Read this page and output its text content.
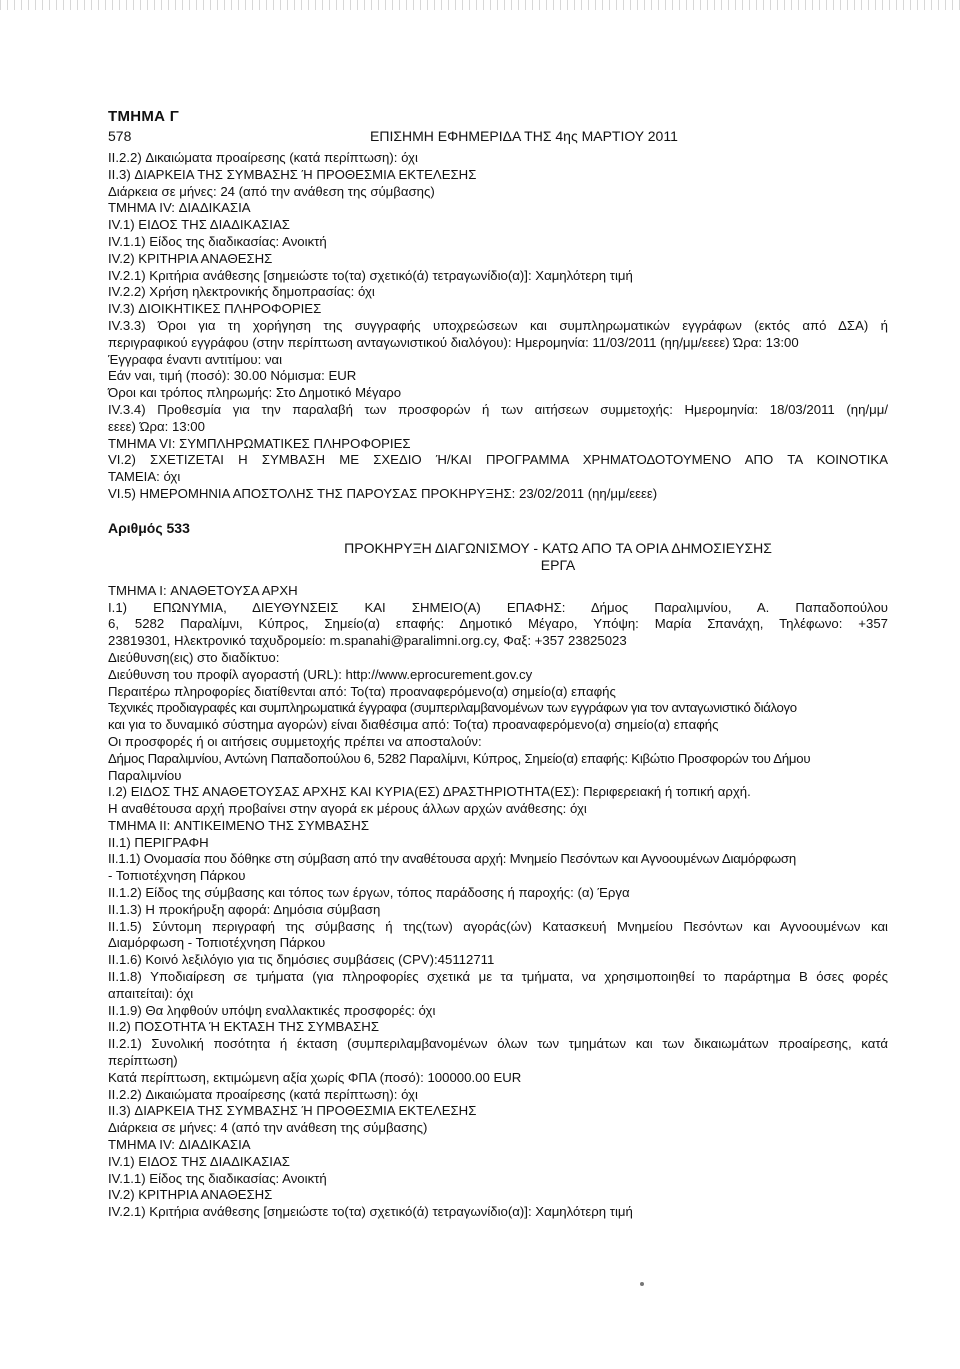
ΤΜΗΜΑ Γ
578	ΕΠΙΣΗΜΗ ΕΦΗΜΕΡΙΔΑ ΤΗΣ 4ης ΜΑΡΤΙΟΥ 2011
II.2.2) Δικαιώματα προαίρεσης (κατά περίπτωση): όχι
II.3) ΔΙΑΡΚΕΙΑ ΤΗΣ ΣΥΜΒΑΣΗΣ Ή ΠΡΟΘΕΣΜΙΑ ΕΚΤΕΛΕΣΗΣ
Διάρκεια σε μήνες: 24 (από την ανάθεση της σύμβασης)
ΤΜΗΜΑ IV: ΔΙΑΔΙΚΑΣΙΑ
IV.1) ΕΙΔΟΣ ΤΗΣ ΔΙΑΔΙΚΑΣΙΑΣ
IV.1.1) Είδος της διαδικασίας: Ανοικτή
IV.2) ΚΡΙΤΗΡΙΑ ΑΝΑΘΕΣΗΣ
IV.2.1) Κριτήρια ανάθεσης [σημειώστε το(τα) σχετικό(ά) τετραγωνίδιο(α)]: Χαμηλότερη τιμή
IV.2.2) Χρήση ηλεκτρονικής δημοπρασίας: όχι
IV.3) ΔΙΟΙΚΗΤΙΚΕΣ ΠΛΗΡΟΦΟΡΙΕΣ
IV.3.3) Όροι για τη χορήγηση της συγγραφής υποχρεώσεων και συμπληρωματικών εγγράφων (εκτός από ΔΣΑ) ή
περιγραφικού εγγράφου (στην περίπτωση ανταγωνιστικού διαλόγου): Ημερομηνία: 11/03/2011 (ηη/μμ/εεεε) Ώρα: 13:00
Έγγραφα έναντι αντιτίμου: ναι
Εάν ναι, τιμή (ποσό): 30.00 Νόμισμα: EUR
Όροι και τρόπος πληρωμής: Στο Δημοτικό Μέγαρο
IV.3.4) Προθεσμία για την παραλαβή των προσφορών ή των αιτήσεων συμμετοχής: Ημερομηνία: 18/03/2011 (ηη/μμ/
εεεε) Ώρα: 13:00
ΤΜΗΜΑ VI: ΣΥΜΠΛΗΡΩΜΑΤΙΚΕΣ ΠΛΗΡΟΦΟΡΙΕΣ
VI.2) ΣΧΕΤΙΖΕΤΑΙ Η ΣΥΜΒΑΣΗ ΜΕ ΣΧΕΔΙΟ Ή/ΚΑΙ ΠΡΟΓΡΑΜΜΑ ΧΡΗΜΑΤΟΔΟΤΟΥΜΕΝΟ ΑΠΟ ΤΑ ΚΟΙΝΟΤΙΚΑ
ΤΑΜΕΙΑ: όχι
VI.5) ΗΜΕΡΟΜΗΝΙΑ ΑΠΟΣΤΟΛΗΣ ΤΗΣ ΠΑΡΟΥΣΑΣ ΠΡΟΚΗΡΥΞΗΣ: 23/02/2011 (ηη/μμ/εεεε)
Αριθμός 533
ΠΡΟΚΗΡΥΞΗ ΔΙΑΓΩΝΙΣΜΟΥ - ΚΑΤΩ ΑΠΟ ΤΑ ΟΡΙΑ ΔΗΜΟΣΙΕΥΣΗΣ
ΕΡΓΑ
ΤΜΗΜΑ I: ΑΝΑΘΕΤΟΥΣΑ ΑΡΧΗ
I.1) ΕΠΩΝΥΜΙΑ, ΔΙΕΥΘΥΝΣΕΙΣ ΚΑΙ ΣΗΜΕΙΟ(Α) ΕΠΑΦΗΣ: Δήμος Παραλιμνίου, Α. Παπαδοπούλου
6, 5282 Παραλίμνι, Κύπρος, Σημείο(α) επαφής: Δημοτικό Μέγαρο, Υπόψη: Μαρία Σπανάχη, Τηλέφωνο: +357
23819301, Ηλεκτρονικό ταχυδρομείο: m.spanahi@paralimni.org.cy, Φαξ: +357 23825023
Διεύθυνση(εις) στο διαδίκτυο:
Διεύθυνση του προφίλ αγοραστή (URL): http://www.eprocurement.gov.cy
Περαιτέρω πληροφορίες διατίθενται από: Το(τα) προαναφερόμενο(α) σημείο(α) επαφής
Τεχνικές προδιαγραφές και συμπληρωματικά έγγραφα (συμπεριλαμβανομένων των εγγράφων για τον ανταγωνιστικό διάλογο
και για το δυναμικό σύστημα αγορών) είναι διαθέσιμα από: Το(τα) προαναφερόμενο(α) σημείο(α) επαφής
Οι προσφορές ή οι αιτήσεις συμμετοχής πρέπει να αποσταλούν:
Δήμος Παραλιμνίου, Αντώνη Παπαδοπούλου 6, 5282 Παραλίμνι, Κύπρος, Σημείο(α) επαφής: Κιβώτιο Προσφορών του Δήμου
Παραλιμνίου
I.2) ΕΙΔΟΣ ΤΗΣ ΑΝΑΘΕΤΟΥΣΑΣ ΑΡΧΗΣ ΚΑΙ ΚΥΡΙΑ(ΕΣ) ΔΡΑΣΤΗΡΙΟΤΗΤΑ(ΕΣ): Περιφερειακή ή τοπική αρχή.
Η αναθέτουσα αρχή προβαίνει στην αγορά εκ μέρους άλλων αρχών ανάθεσης: όχι
ΤΜΗΜΑ II: ΑΝΤΙΚΕΙΜΕΝΟ ΤΗΣ ΣΥΜΒΑΣΗΣ
II.1) ΠΕΡΙΓΡΑΦΗ
II.1.1) Ονομασία που δόθηκε στη σύμβαση από την αναθέτουσα αρχή: Μνημείο Πεσόντων και Αγνοουμένων Διαμόρφωση
- Τοπιοτέχνηση Πάρκου
II.1.2) Είδος της σύμβασης και τόπος των έργων, τόπος παράδοσης ή παροχής: (α) Έργα
II.1.3) Η προκήρυξη αφορά: Δημόσια σύμβαση
II.1.5) Σύντομη περιγραφή της σύμβασης ή της(των) αγοράς(ών) Κατασκευή Μνημείου Πεσόντων και Αγνοουμένων και
Διαμόρφωση - Τοπιοτέχνηση Πάρκου
II.1.6) Κοινό λεξιλόγιο για τις δημόσιες συμβάσεις (CPV):45112711
II.1.8) Υποδιαίρεση σε τμήματα (για πληροφορίες σχετικά με τα τμήματα, να χρησιμοποιηθεί το παράρτημα Β όσες φορές
απαιτείται): όχι
II.1.9) Θα ληφθούν υπόψη εναλλακτικές προσφορές: όχι
II.2) ΠΟΣΟΤΗΤΑ Ή ΕΚΤΑΣΗ ΤΗΣ ΣΥΜΒΑΣΗΣ
II.2.1) Συνολική ποσότητα ή έκταση (συμπεριλαμβανομένων όλων των τμημάτων και των δικαιωμάτων προαίρεσης, κατά
περίπτωση)
Κατά περίπτωση, εκτιμώμενη αξία χωρίς ΦΠΑ (ποσό): 100000.00 EUR
II.2.2) Δικαιώματα προαίρεσης (κατά περίπτωση): όχι
II.3) ΔΙΑΡΚΕΙΑ ΤΗΣ ΣΥΜΒΑΣΗΣ Ή ΠΡΟΘΕΣΜΙΑ ΕΚΤΕΛΕΣΗΣ
Διάρκεια σε μήνες: 4 (από την ανάθεση της σύμβασης)
ΤΜΗΜΑ IV: ΔΙΑΔΙΚΑΣΙΑ
IV.1) ΕΙΔΟΣ ΤΗΣ ΔΙΑΔΙΚΑΣΙΑΣ
IV.1.1) Είδος της διαδικασίας: Ανοικτή
IV.2) ΚΡΙΤΗΡΙΑ ΑΝΑΘΕΣΗΣ
IV.2.1) Κριτήρια ανάθεσης [σημειώστε το(τα) σχετικό(ά) τετραγωνίδιο(α)]: Χαμηλότερη τιμή
